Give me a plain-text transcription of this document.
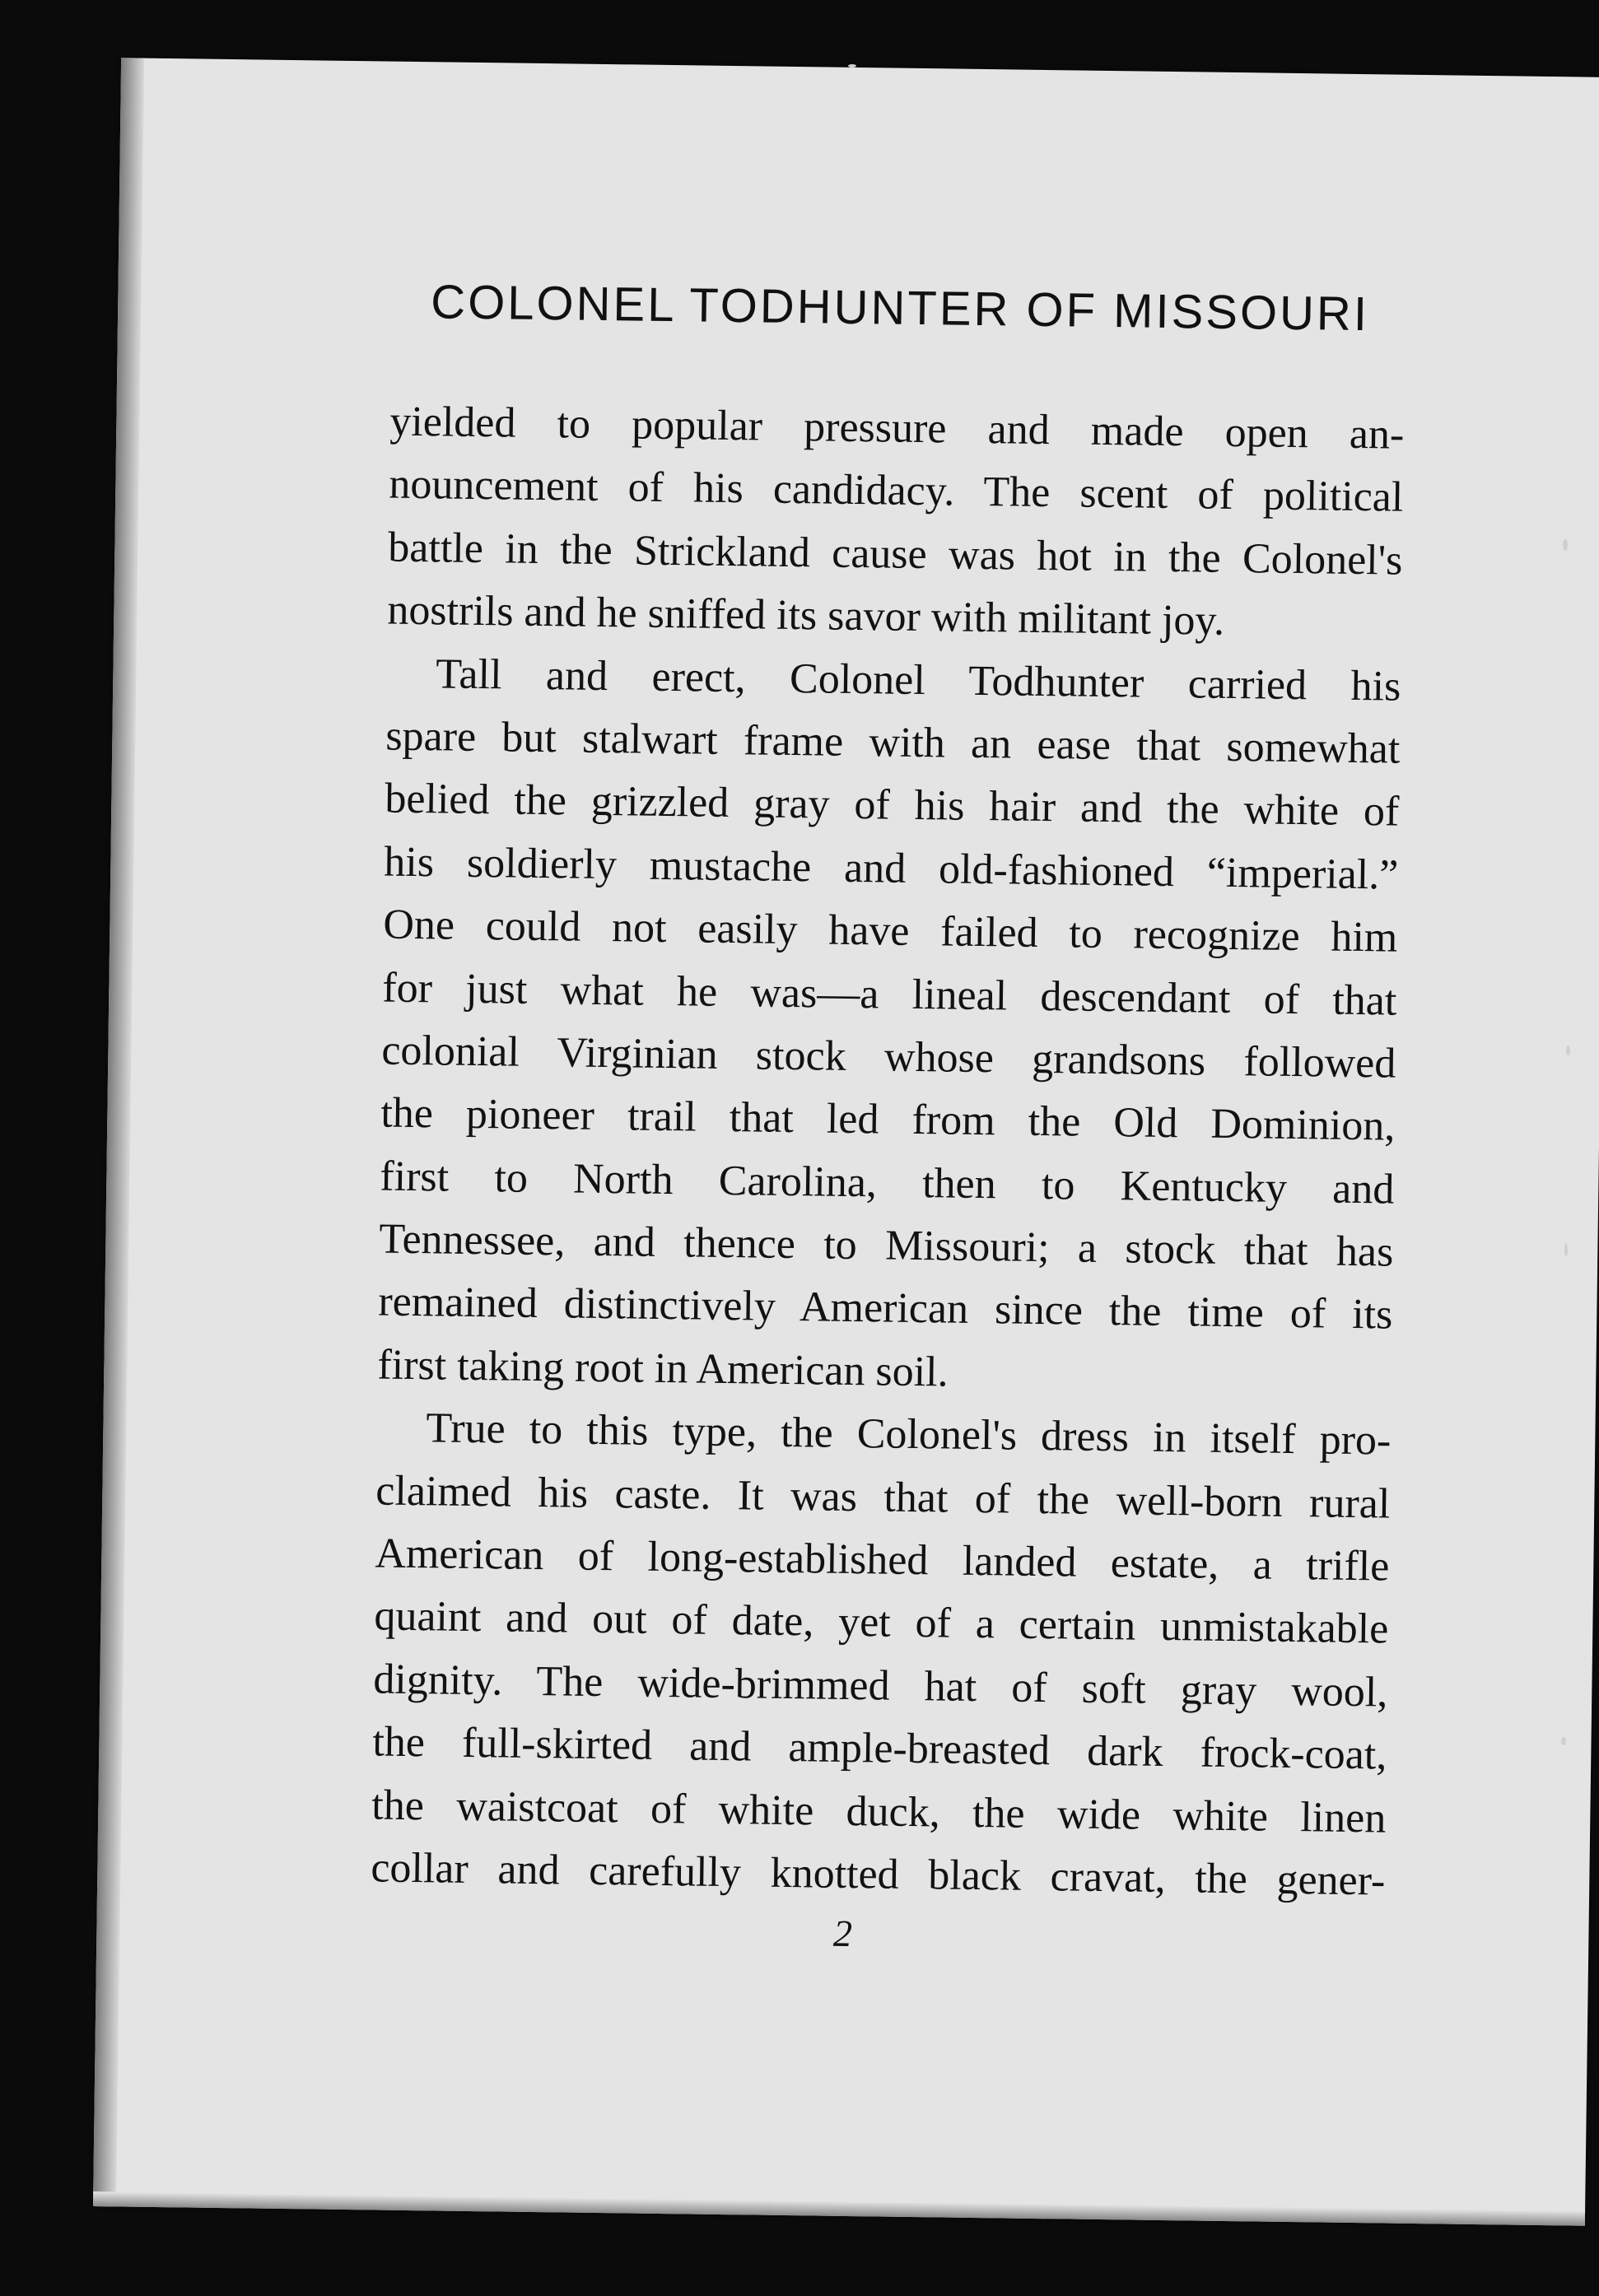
COLONEL TODHUNTER OF MISSOURI
yielded to popular pressure and made open an-
nouncement of his candidacy. The scent of political
battle in the Strickland cause was hot in the Colonel's
nostrils and he sniffed its savor with militant joy.
Tall and erect, Colonel Todhunter carried his
spare but stalwart frame with an ease that somewhat
belied the grizzled gray of his hair and the white of
his soldierly mustache and old-fashioned “imperial.”
One could not easily have failed to recognize him
for just what he was—a lineal descendant of that
colonial Virginian stock whose grandsons followed
the pioneer trail that led from the Old Dominion,
first to North Carolina, then to Kentucky and
Tennessee, and thence to Missouri; a stock that has
remained distinctively American since the time of its
first taking root in American soil.
True to this type, the Colonel's dress in itself pro-
claimed his caste. It was that of the well-born rural
American of long-established landed estate, a trifle
quaint and out of date, yet of a certain unmistakable
dignity. The wide-brimmed hat of soft gray wool,
the full-skirted and ample-breasted dark frock-coat,
the waistcoat of white duck, the wide white linen
collar and carefully knotted black cravat, the gener-
2
